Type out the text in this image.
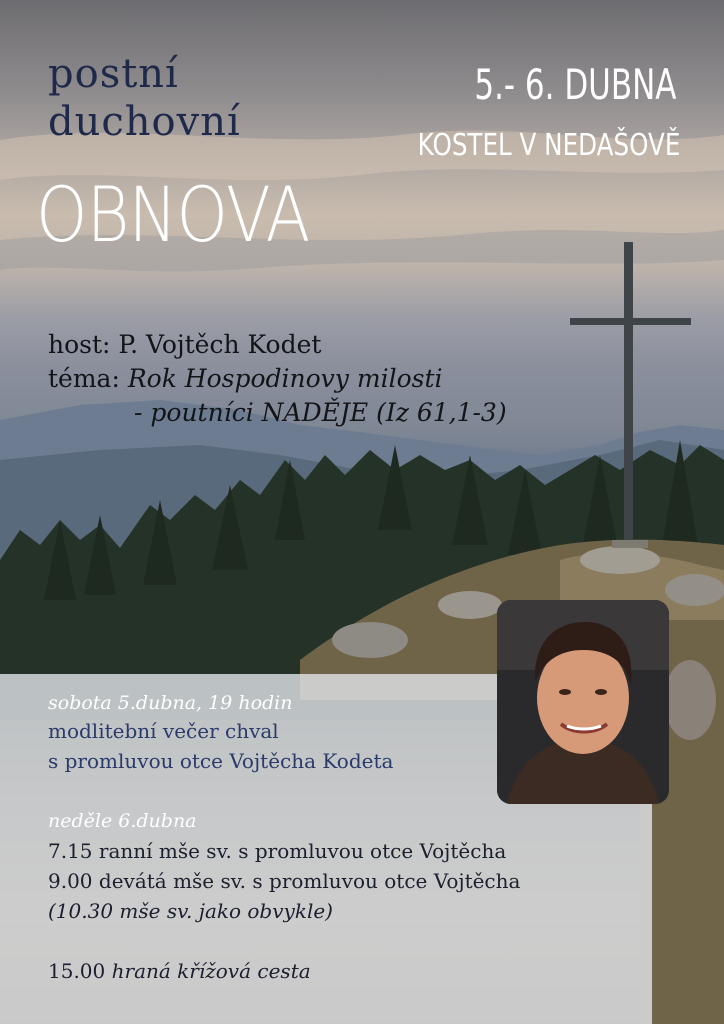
postní
duchovní
OBNOVA
5.- 6. DUBNA
KOSTEL V NEDAŠOVĚ
host: P. Vojtěch Kodet
téma: Rok Hospodinovy milosti
- poutníci NADĚJE (Iz 61,1-3)
sobota 5.dubna, 19 hodin
modlitební večer chval
s promluvou otce Vojtěcha Kodeta
neděle 6.dubna
7.15 ranní mše sv. s promluvou otce Vojtěcha
9.00 devátá mše sv. s promluvou otce Vojtěcha
(10.30 mše sv. jako obvykle)
15.00 hraná křížová cesta
